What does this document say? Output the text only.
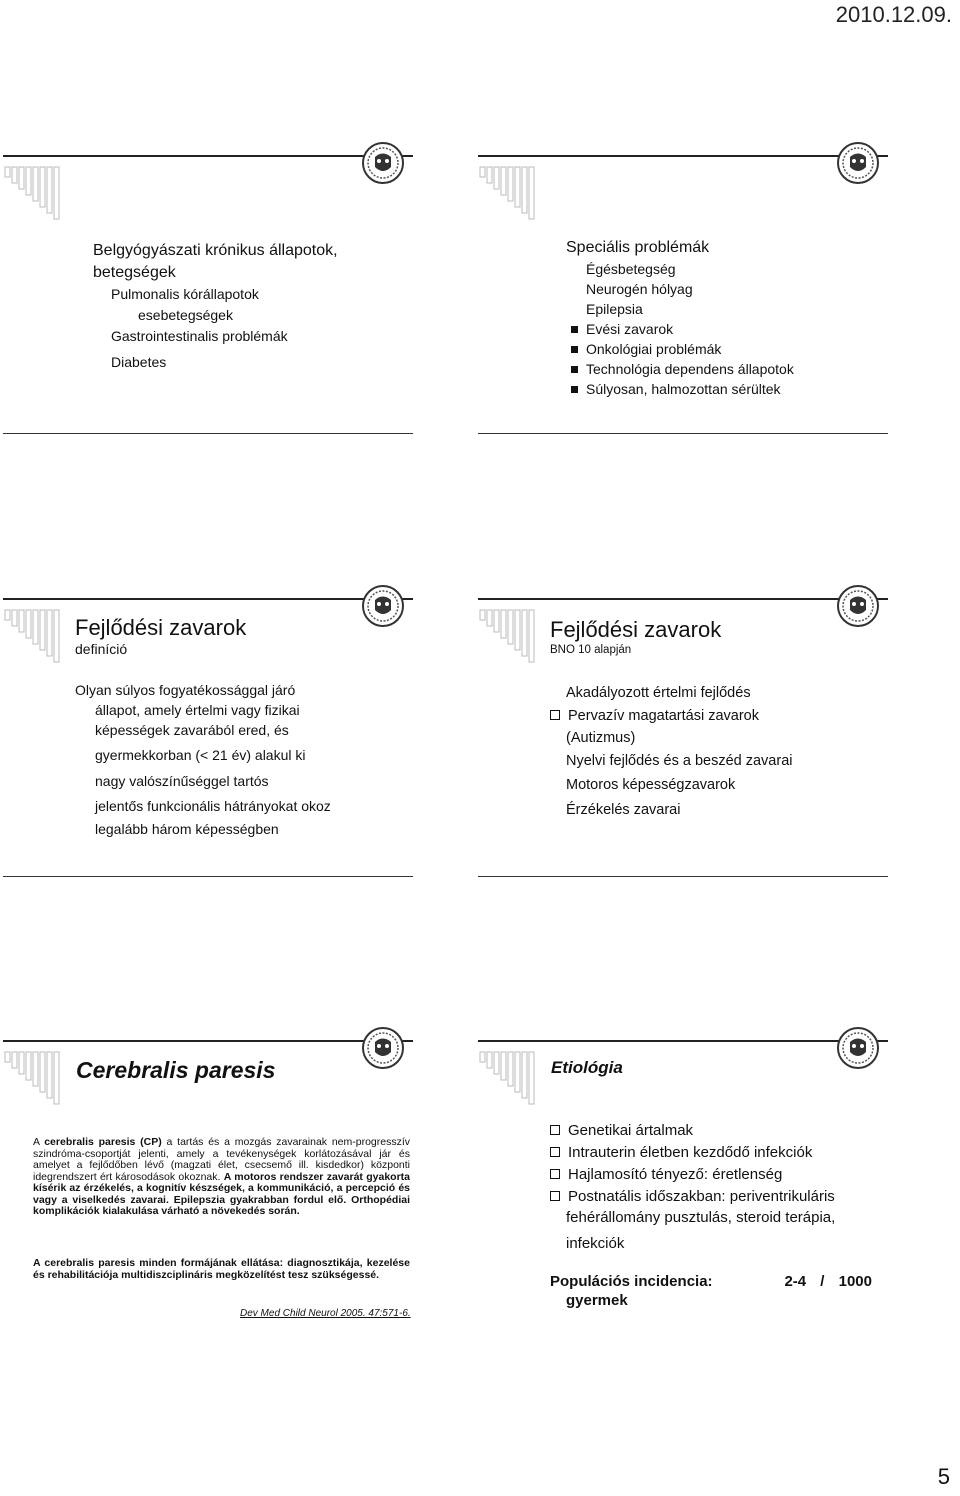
2010.12.09.
Belgyógyászati krónikus állapotok,
betegségek
Pulmonalis kórállapotok
esebetegségek
Gastrointestinalis problémák
Diabetes
Speciális problémák
Égésbetegség
Neurogén hólyag
Epilepsia
Evési zavarok
Onkológiai problémák
Technológia dependens állapotok
Súlyosan, halmozottan sérültek
Fejlődési zavarok
definíció
Olyan súlyos fogyatékossággal járó
állapot, amely értelmi vagy fizikai
képességek zavarából ered, és
gyermekkorban (< 21 év) alakul ki
nagy valószínűséggel tartós
jelentős funkcionális hátrányokat okoz
legalább három képességben
Fejlődési zavarok
BNO 10 alapján
Akadályozott értelmi fejlődés
Pervazív magatartási zavarok
(Autizmus)
Nyelvi fejlődés és a beszéd zavarai
Motoros képességzavarok
Érzékelés zavarai
Cerebralis paresis
A cerebralis paresis (CP) a tartás és a mozgás zavarainak nem-progresszív szindróma-csoportját jelenti, amely a tevékenységek korlátozásával jár és amelyet a fejlődőben lévő (magzati élet, csecsemő ill. kisdedkor) központi idegrendszert ért károsodások okoznak. A motoros rendszer zavarát gyakorta kísérik az érzékelés, a kognitív készségek, a kommunikáció, a percepció és vagy a viselkedés zavarai. Epilepszia gyakrabban fordul elő. Orthopédiai komplikációk kialakulása várható a növekedés során.
A cerebralis paresis minden formájának ellátása: diagnosztikája, kezelése és rehabilitációja multidiszciplináris megközelítést tesz szükségessé.
Dev Med Child Neurol 2005. 47:571-6.
Etiológia
Genetikai ártalmak
Intrauterin életben kezdődő infekciók
Hajlamosító tényező: éretlenség
Postnatális időszakban: periventrikuláris
fehérállomány pusztulás, steroid terápia,
infekciók
Populációs incidencia:	2-4 / 1000
gyermek
5
